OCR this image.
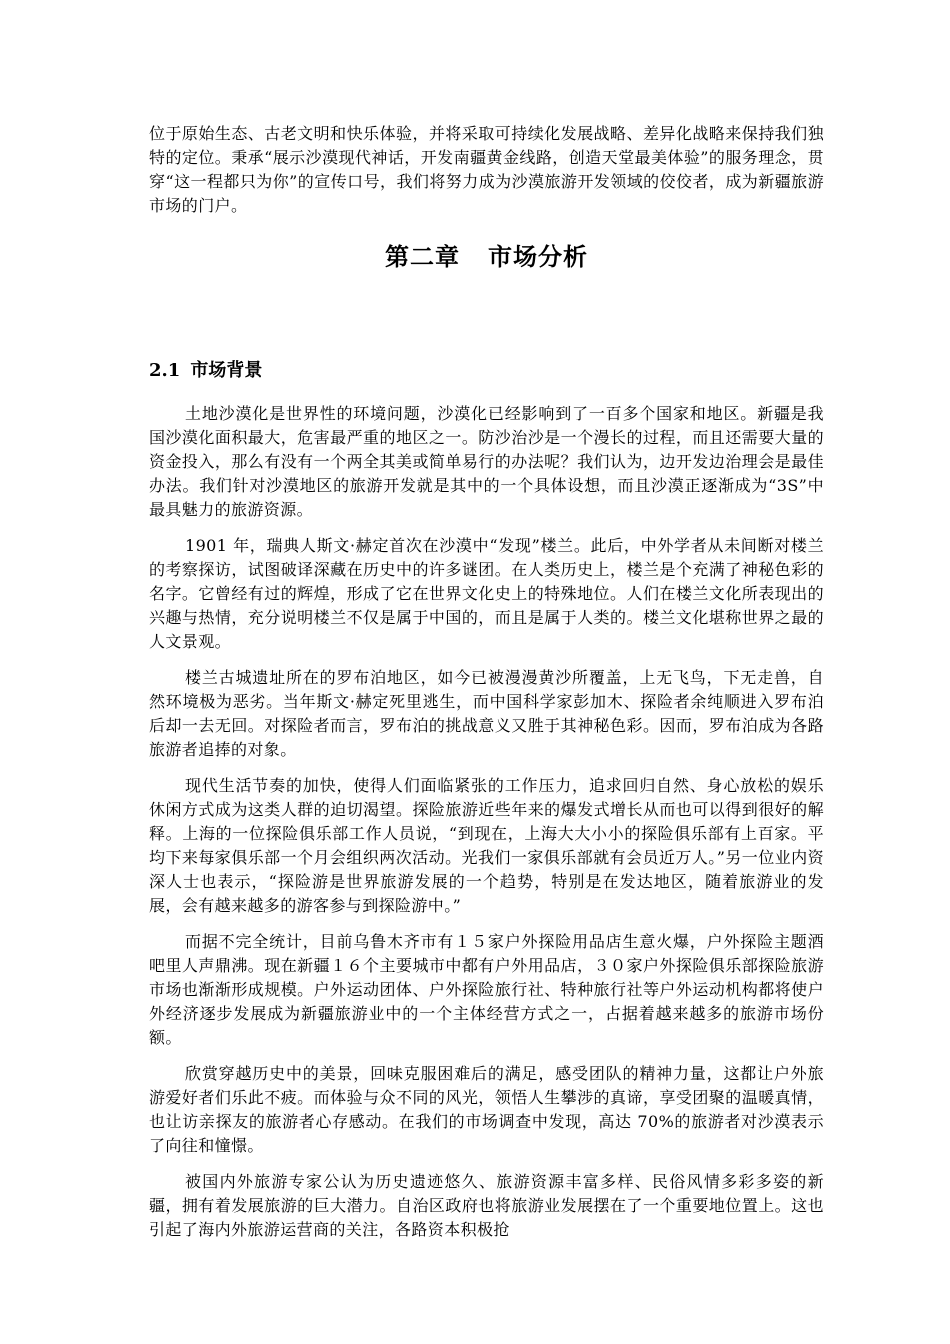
位于原始生态、古老文明和快乐体验，并将采取可持续化发展战略、差异化战略来保持我们独特的定位。秉承“展示沙漠现代神话，开发南疆黄金线路，创造天堂最美体验”的服务理念，贯穿“这一程都只为你”的宣传口号，我们将努力成为沙漠旅游开发领域的佼佼者，成为新疆旅游市场的门户。

第二章 市场分析
2.1 市场背景

土地沙漠化是世界性的环境问题，沙漠化已经影响到了一百多个国家和地区。新疆是我国沙漠化面积最大，危害最严重的地区之一。防沙治沙是一个漫长的过程，而且还需要大量的资金投入，那么有没有一个两全其美或简单易行的办法呢？我们认为，边开发边治理会是最佳办法。我们针对沙漠地区的旅游开发就是其中的一个具体设想，而且沙漠正逐渐成为“3S”中最具魅力的旅游资源。

1901 年，瑞典人斯文·赫定首次在沙漠中“发现”楼兰。此后，中外学者从未间断对楼兰的考察探访，试图破译深藏在历史中的许多谜团。在人类历史上，楼兰是个充满了神秘色彩的名字。它曾经有过的辉煌，形成了它在世界文化史上的特殊地位。人们在楼兰文化所表现出的兴趣与热情，充分说明楼兰不仅是属于中国的，而且是属于人类的。楼兰文化堪称世界之最的人文景观。

楼兰古城遗址所在的罗布泊地区，如今已被漫漫黄沙所覆盖，上无飞鸟，下无走兽，自然环境极为恶劣。当年斯文·赫定死里逃生，而中国科学家彭加木、探险者余纯顺进入罗布泊后却一去无回。对探险者而言，罗布泊的挑战意义又胜于其神秘色彩。因而，罗布泊成为各路旅游者追捧的对象。

现代生活节奏的加快，使得人们面临紧张的工作压力，追求回归自然、身心放松的娱乐休闲方式成为这类人群的迫切渴望。探险旅游近些年来的爆发式增长从而也可以得到很好的解释。上海的一位探险俱乐部工作人员说，“到现在，上海大大小小的探险俱乐部有上百家。平均下来每家俱乐部一个月会组织两次活动。光我们一家俱乐部就有会员近万人。”另一位业内资深人士也表示，“探险游是世界旅游发展的一个趋势，特别是在发达地区，随着旅游业的发展，会有越来越多的游客参与到探险游中。”

而据不完全统计，目前乌鲁木齐市有１５家户外探险用品店生意火爆，户外探险主题酒吧里人声鼎沸。现在新疆１６个主要城市中都有户外用品店，３０家户外探险俱乐部探险旅游市场也渐渐形成规模。户外运动团体、户外探险旅行社、特种旅行社等户外运动机构都将使户外经济逐步发展成为新疆旅游业中的一个主体经营方式之一，占据着越来越多的旅游市场份额。

欣赏穿越历史中的美景，回味克服困难后的满足，感受团队的精神力量，这都让户外旅游爱好者们乐此不疲。而体验与众不同的风光，领悟人生攀涉的真谛，享受团聚的温暖真情，也让访亲探友的旅游者心存感动。在我们的市场调查中发现，高达 70%的旅游者对沙漠表示了向往和憧憬。

被国内外旅游专家公认为历史遗迹悠久、旅游资源丰富多样、民俗风情多彩多姿的新疆，拥有着发展旅游的巨大潜力。自治区政府也将旅游业发展摆在了一个重要地位置上。这也引起了海内外旅游运营商的关注，各路资本积极抢
